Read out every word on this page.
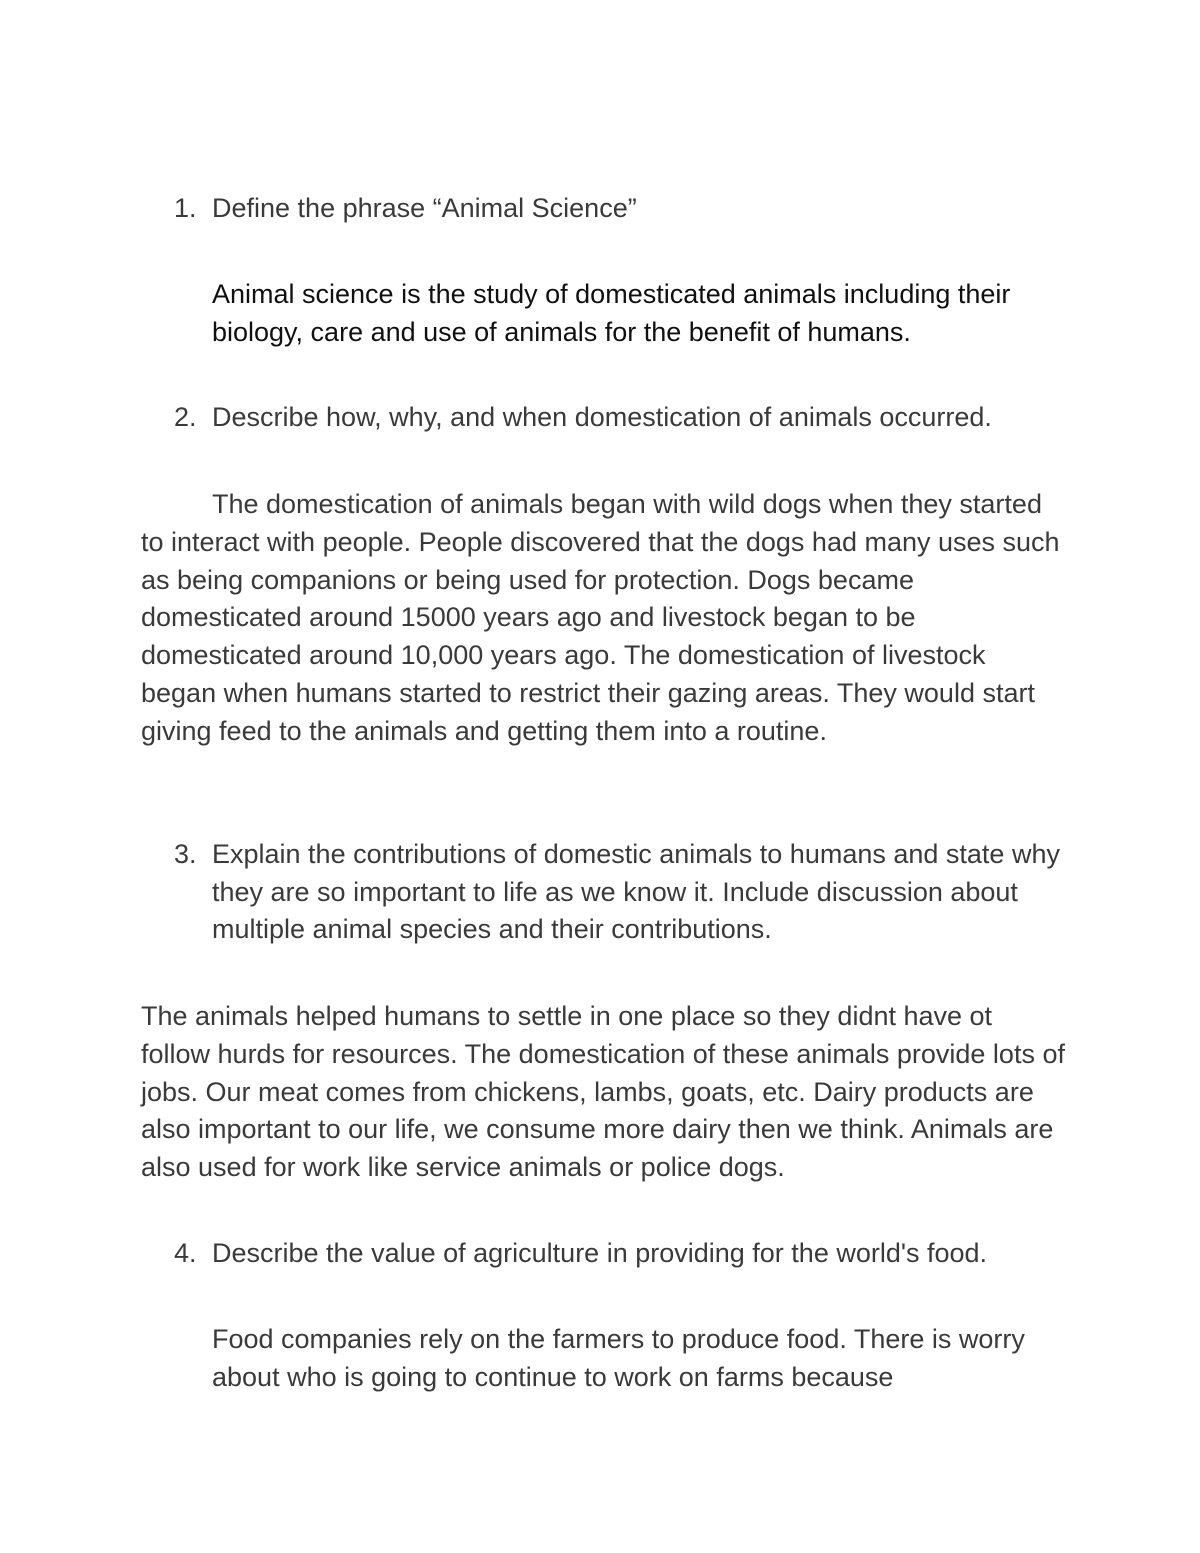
1. Define the phrase “Animal Science”
Animal science is the study of domesticated animals including their biology, care and use of animals for the benefit of humans.
2. Describe how, why, and when domestication of animals occurred.
The domestication of animals began with wild dogs when they started to interact with people. People discovered that the dogs had many uses such as being companions or being used for protection. Dogs became domesticated around 15000 years ago and livestock began to be domesticated around 10,000 years ago. The domestication of livestock began when humans started to restrict their gazing areas. They would start giving feed to the animals and getting them into a routine.
3. Explain the contributions of domestic animals to humans and state why they are so important to life as we know it. Include discussion about multiple animal species and their contributions.
The animals helped humans to settle in one place so they didnt have ot follow hurds for resources. The domestication of these animals provide lots of jobs. Our meat comes from chickens, lambs, goats, etc. Dairy products are also important to our life, we consume more dairy then we think. Animals are also used for work like service animals or police dogs.
4. Describe the value of agriculture in providing for the world's food.
Food companies rely on the farmers to produce food. There is worry about who is going to continue to work on farms because
